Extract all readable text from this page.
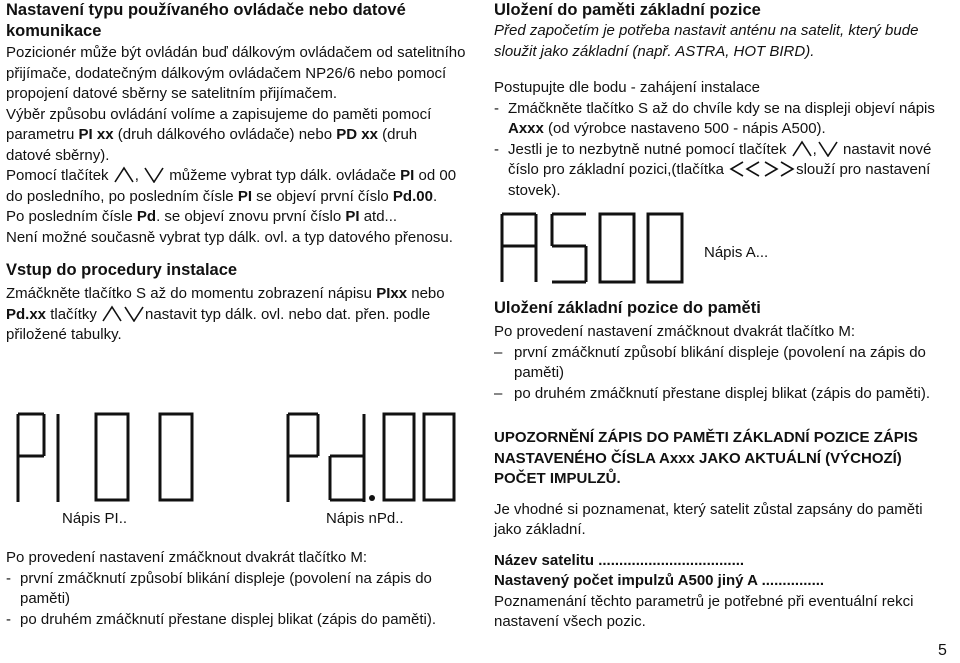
Nastavení typu používaného ovládače nebo datové komunikace

Pozicionér může být ovládán buď dálkovým ovládačem od satelitního přijímače, dodatečným dálkovým ovládačem NP26/6 nebo pomocí propojení datové sběrny se satelitním přijímačem.

Výběr způsobu ovládání volíme a zapisujeme do paměti pomocí parametru PI xx (druh dálkového ovládače) nebo PD xx (druh datové sběrny).

Pomocí tlačítek ,  můžeme vybrat typ dálk. ovládače PI od 00 do posledního, po posledním čísle PI se objeví první číslo Pd.00.

Po posledním čísle Pd. se objeví znovu první číslo PI atd...

Není možné současně vybrat typ dálk. ovl. a typ datového přenosu.

Vstup do procedury instalace

Zmáčkněte tlačítko S až do momentu zobrazení nápisu PIxx nebo Pd.xx tlačítky	nastavit typ dálk. ovl. nebo dat. přen. podle přiložené tabulky.

Nápis PI..	Nápis nPd..

Po provedení nastavení zmáčknout dvakrát tlačítko M:

- první zmáčknutí způsobí blikání displeje (povolení na zápis do paměti)
- po druhém zmáčknutí přestane displej blikat (zápis do paměti).

Uložení do paměti základní pozice

Před započetím je potřeba nastavit anténu na satelit, který bude sloužit jako základní (např. ASTRA, HOT BIRD).

Postupujte dle bodu - zahájení instalace

- Zmáčkněte tlačítko S až do chvíle kdy se na displeji objeví nápis Axxx (od výrobce nastaveno 500 - nápis A500).
- Jestli je to nezbytně nutné pomocí tlačítek , nastavit nové číslo pro základní pozici,(tlačítka	slouží pro nastavení stovek).
Nápis A...

Uložení základní pozice do paměti

Po provedení nastavení zmáčknout dvakrát tlačítko M:

– první zmáčknutí způsobí blikání displeje (povolení na zápis do paměti)
– po druhém zmáčknutí přestane displej blikat (zápis do paměti).

UPOZORNĚNÍ ZÁPIS DO PAMĚTI ZÁKLADNÍ POZICE ZÁPIS NASTAVENÉHO ČÍSLA Axxx JAKO AKTUÁLNÍ (VÝCHOZÍ) POČET IMPULZŮ.

Je vhodné si poznamenat, který satelit zůstal zapsány do paměti jako základní.

Název satelitu ...................................

Nastavený počet impulzů A500 jiný A ...............

Poznamenání těchto parametrů je potřebné při eventuální rekci nastavení všech pozic.

5
